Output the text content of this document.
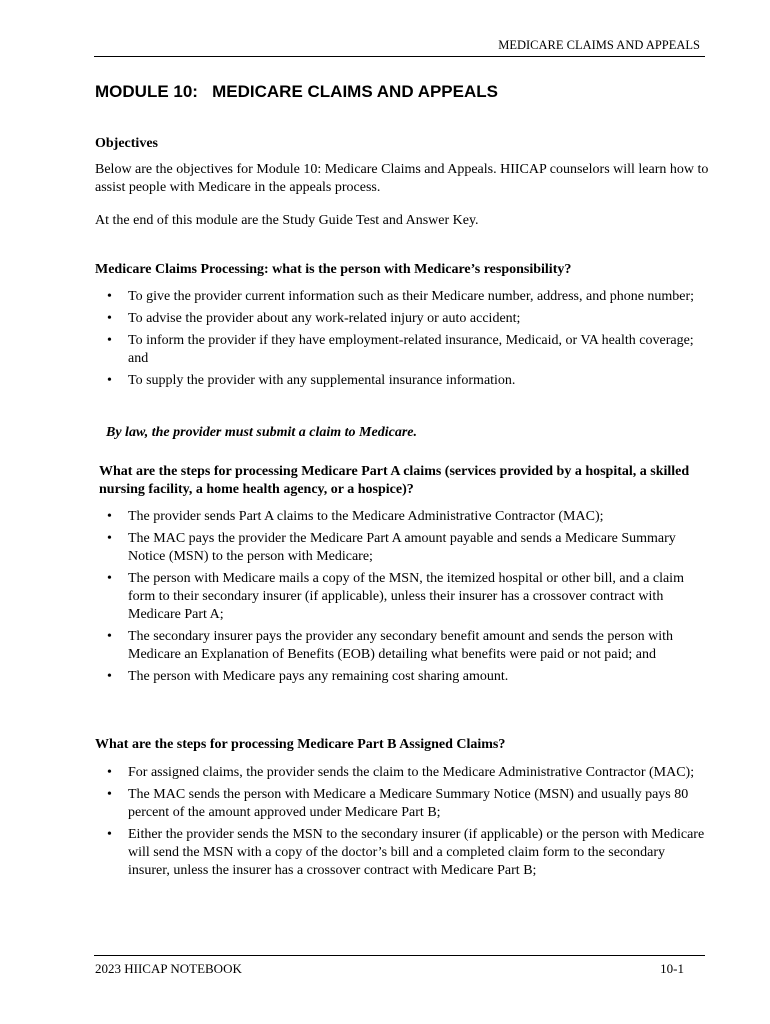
MEDICARE CLAIMS AND APPEALS
MODULE 10:   MEDICARE CLAIMS AND APPEALS
Objectives
Below are the objectives for Module 10: Medicare Claims and Appeals. HIICAP counselors will learn how to assist people with Medicare in the appeals process.
At the end of this module are the Study Guide Test and Answer Key.
Medicare Claims Processing: what is the person with Medicare’s responsibility?
• To give the provider current information such as their Medicare number, address, and phone number;
• To advise the provider about any work-related injury or auto accident;
• To inform the provider if they have employment-related insurance, Medicaid, or VA health coverage; and
• To supply the provider with any supplemental insurance information.
By law, the provider must submit a claim to Medicare.
What are the steps for processing Medicare Part A claims (services provided by a hospital, a skilled nursing facility, a home health agency, or a hospice)?
• The provider sends Part A claims to the Medicare Administrative Contractor (MAC);
• The MAC pays the provider the Medicare Part A amount payable and sends a Medicare Summary Notice (MSN) to the person with Medicare;
• The person with Medicare mails a copy of the MSN, the itemized hospital or other bill, and a claim form to their secondary insurer (if applicable), unless their insurer has a crossover contract with Medicare Part A;
• The secondary insurer pays the provider any secondary benefit amount and sends the person with Medicare an Explanation of Benefits (EOB) detailing what benefits were paid or not paid; and
• The person with Medicare pays any remaining cost sharing amount.
What are the steps for processing Medicare Part B Assigned Claims?
• For assigned claims, the provider sends the claim to the Medicare Administrative Contractor (MAC);
• The MAC sends the person with Medicare a Medicare Summary Notice (MSN) and usually pays 80 percent of the amount approved under Medicare Part B;
• Either the provider sends the MSN to the secondary insurer (if applicable) or the person with Medicare will send the MSN with a copy of the doctor’s bill and a completed claim form to the secondary insurer, unless the insurer has a crossover contract with Medicare Part B;
2023 HIICAP NOTEBOOK	10-1
